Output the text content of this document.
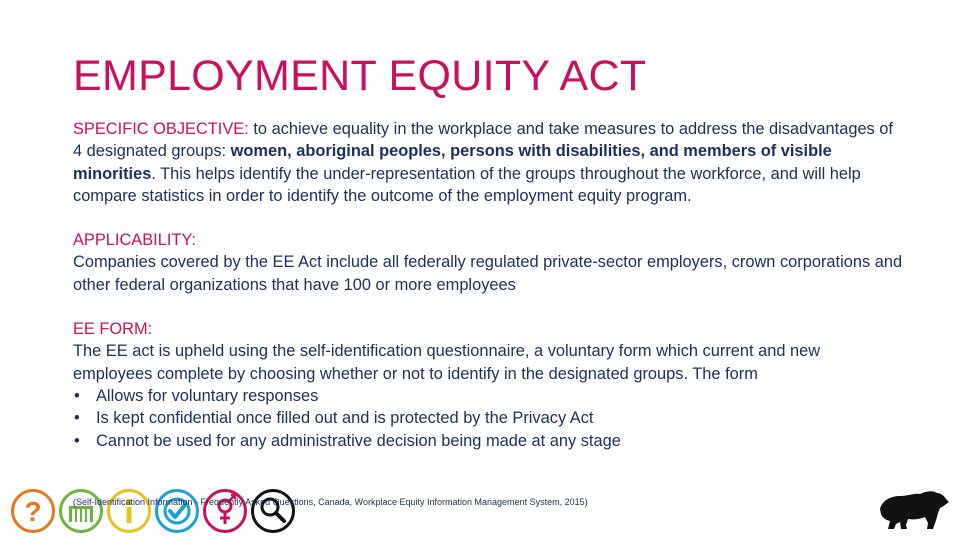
EMPLOYMENT EQUITY ACT

SPECIFIC OBJECTIVE: to achieve equality in the workplace and take measures to address the disadvantages of 4 designated groups: women, aboriginal peoples, persons with disabilities, and members of visible minorities. This helps identify the under-representation of the groups throughout the workforce, and will help compare statistics in order to identify the outcome of the employment equity program.

APPLICABILITY:

Companies covered by the EE Act include all federally regulated private-sector employers, crown corporations and other federal organizations that have 100 or more employees

EE FORM:

The EE act is upheld using the self-identification questionnaire, a voluntary form which current and new employees complete by choosing whether or not to identify in the designated groups. The form

• Allows for voluntary responses
• Is kept confidential once filled out and is protected by the Privacy Act
• Cannot be used for any administrative decision being made at any stage
?	(Self-Identification Information - Frequently Asked Questions, Canada, Workplace Equity Information Management System, 2015)
